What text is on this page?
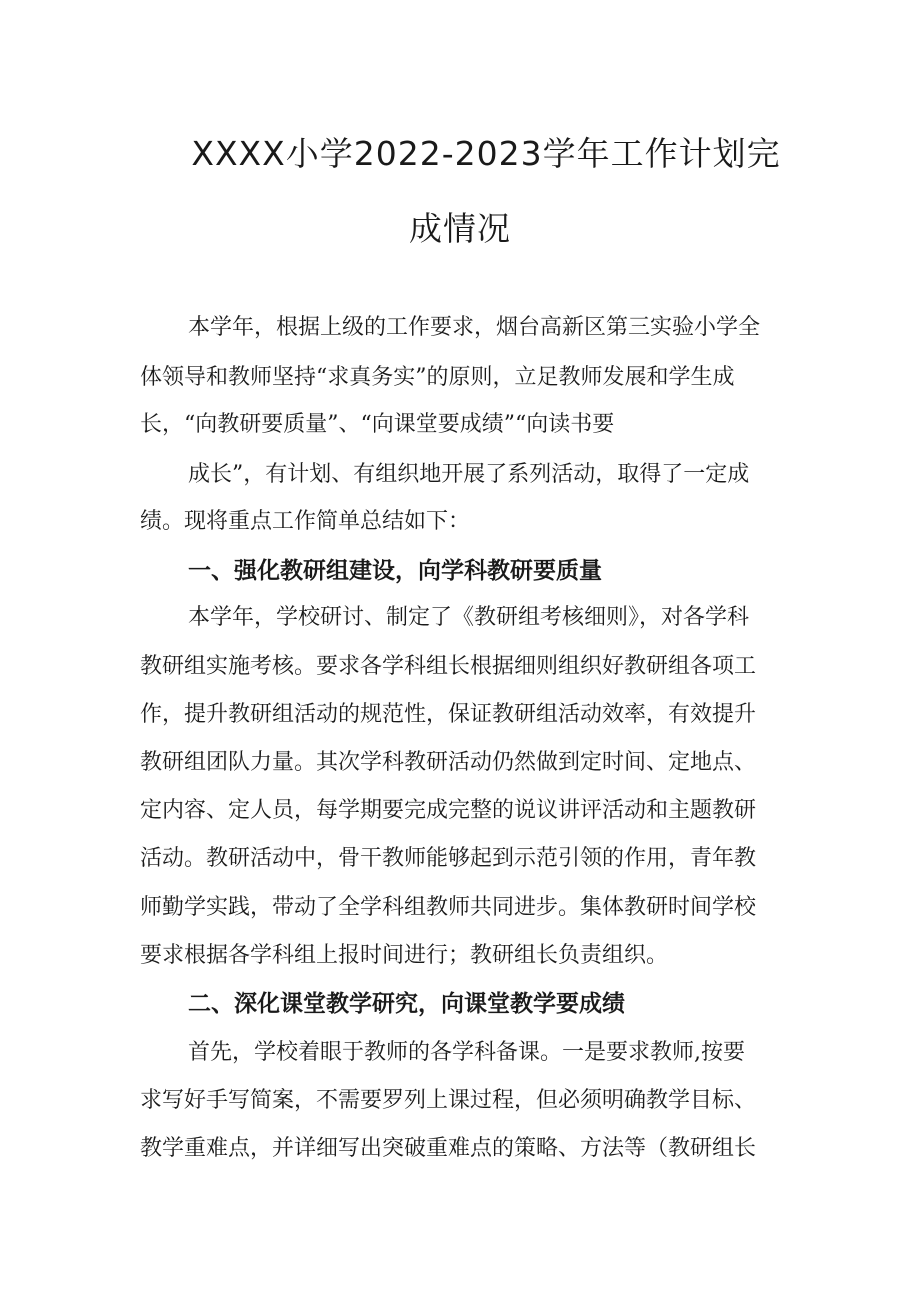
XXXX小学2022-2023学年工作计划完
成情况
本学年，根据上级的工作要求，烟台高新区第三实验小学全
体领导和教师坚持“求真务实”的原则，立足教师发展和学生成
长，“向教研要质量”、“向课堂要成绩”“向读书要
成长”，有计划、有组织地开展了系列活动，取得了一定成
绩。现将重点工作简单总结如下：
一、强化教研组建设，向学科教研要质量
本学年，学校研讨、制定了《教研组考核细则》，对各学科
教研组实施考核。要求各学科组长根据细则组织好教研组各项工
作，提升教研组活动的规范性，保证教研组活动效率，有效提升
教研组团队力量。其次学科教研活动仍然做到定时间、定地点、
定内容、定人员，每学期要完成完整的说议讲评活动和主题教研
活动。教研活动中，骨干教师能够起到示范引领的作用，青年教
师勤学实践，带动了全学科组教师共同进步。集体教研时间学校
要求根据各学科组上报时间进行；教研组长负责组织。
二、深化课堂教学研究，向课堂教学要成绩
首先，学校着眼于教师的各学科备课。一是要求教师,按要
求写好手写简案，不需要罗列上课过程，但必须明确教学目标、
教学重难点，并详细写出突破重难点的策略、方法等（教研组长
